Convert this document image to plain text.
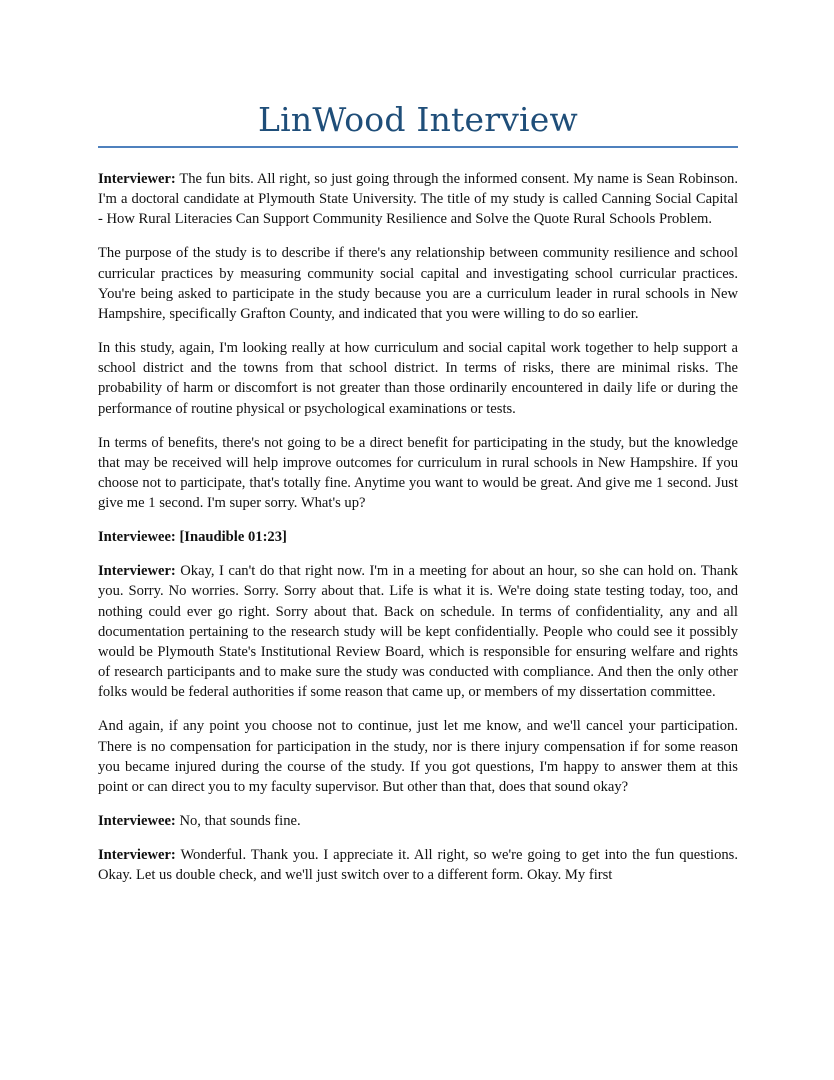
LinWood Interview

Interviewer: The fun bits. All right, so just going through the informed consent. My name is Sean Robinson. I'm a doctoral candidate at Plymouth State University. The title of my study is called Canning Social Capital - How Rural Literacies Can Support Community Resilience and Solve the Quote Rural Schools Problem.

The purpose of the study is to describe if there's any relationship between community resilience and school curricular practices by measuring community social capital and investigating school curricular practices. You're being asked to participate in the study because you are a curriculum leader in rural schools in New Hampshire, specifically Grafton County, and indicated that you were willing to do so earlier.

In this study, again, I'm looking really at how curriculum and social capital work together to help support a school district and the towns from that school district. In terms of risks, there are minimal risks. The probability of harm or discomfort is not greater than those ordinarily encountered in daily life or during the performance of routine physical or psychological examinations or tests.

In terms of benefits, there's not going to be a direct benefit for participating in the study, but the knowledge that may be received will help improve outcomes for curriculum in rural schools in New Hampshire. If you choose not to participate, that's totally fine. Anytime you want to would be great. And give me 1 second. Just give me 1 second. I'm super sorry. What's up?

Interviewee: [Inaudible 01:23]

Interviewer: Okay, I can't do that right now. I'm in a meeting for about an hour, so she can hold on. Thank you. Sorry. No worries. Sorry. Sorry about that. Life is what it is. We're doing state testing today, too, and nothing could ever go right. Sorry about that. Back on schedule. In terms of confidentiality, any and all documentation pertaining to the research study will be kept confidentially. People who could see it possibly would be Plymouth State's Institutional Review Board, which is responsible for ensuring welfare and rights of research participants and to make sure the study was conducted with compliance. And then the only other folks would be federal authorities if some reason that came up, or members of my dissertation committee.

And again, if any point you choose not to continue, just let me know, and we'll cancel your participation. There is no compensation for participation in the study, nor is there injury compensation if for some reason you became injured during the course of the study. If you got questions, I'm happy to answer them at this point or can direct you to my faculty supervisor. But other than that, does that sound okay?

Interviewee: No, that sounds fine.

Interviewer: Wonderful. Thank you. I appreciate it. All right, so we're going to get into the fun questions. Okay. Let us double check, and we'll just switch over to a different form. Okay. My first
